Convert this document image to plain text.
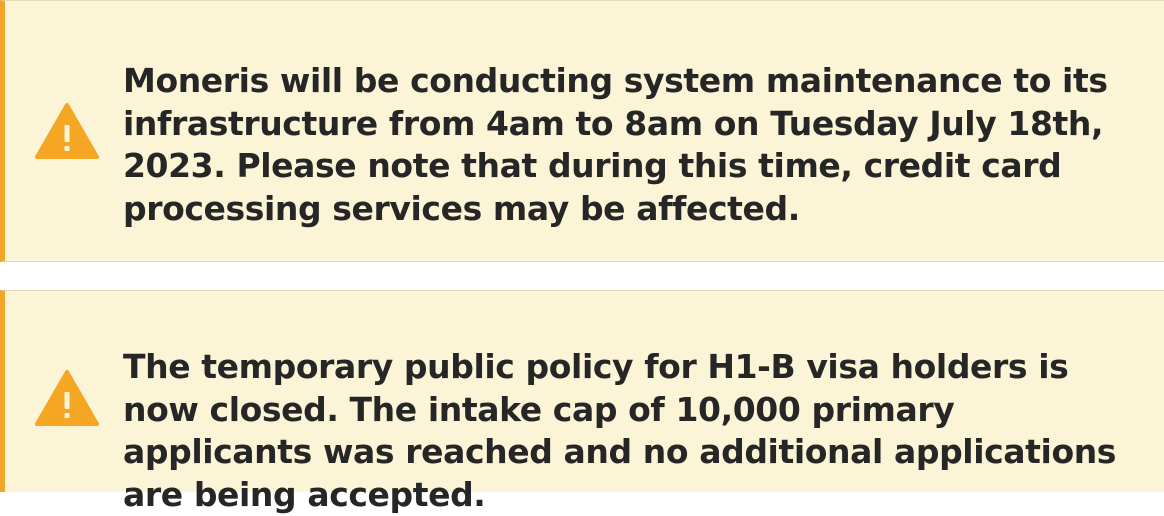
Moneris will be conducting system maintenance to its infrastructure from 4am to 8am on Tuesday July 18th, 2023. Please note that during this time, credit card processing services may be affected.

The temporary public policy for H1-B visa holders is now closed. The intake cap of 10,000 primary applicants was reached and no additional applications are being accepted.
